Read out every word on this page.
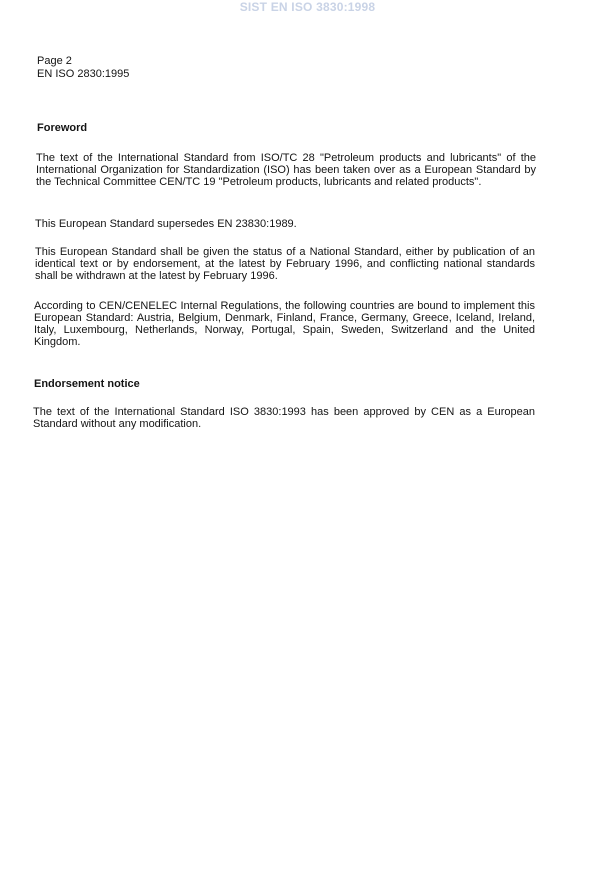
SIST EN ISO 3830:1998
Page 2
EN ISO 2830:1995
Foreword
The text of the International Standard from ISO/TC 28 "Petroleum products and lubricants" of the International Organization for Standardization (ISO) has been taken over as a European Standard by the Technical Committee CEN/TC 19 "Petroleum products, lubricants and related products".
This European Standard supersedes EN 23830:1989.
This European Standard shall be given the status of a National Standard, either by publication of an identical text or by endorsement, at the latest by February 1996, and conflicting national standards shall be withdrawn at the latest by February 1996.
According to CEN/CENELEC Internal Regulations, the following countries are bound to implement this European Standard: Austria, Belgium, Denmark, Finland, France, Germany, Greece, Iceland, Ireland, Italy, Luxembourg, Netherlands, Norway, Portugal, Spain, Sweden, Switzerland and the United Kingdom.
Endorsement notice
The text of the International Standard ISO 3830:1993 has been approved by CEN as a European Standard without any modification.
